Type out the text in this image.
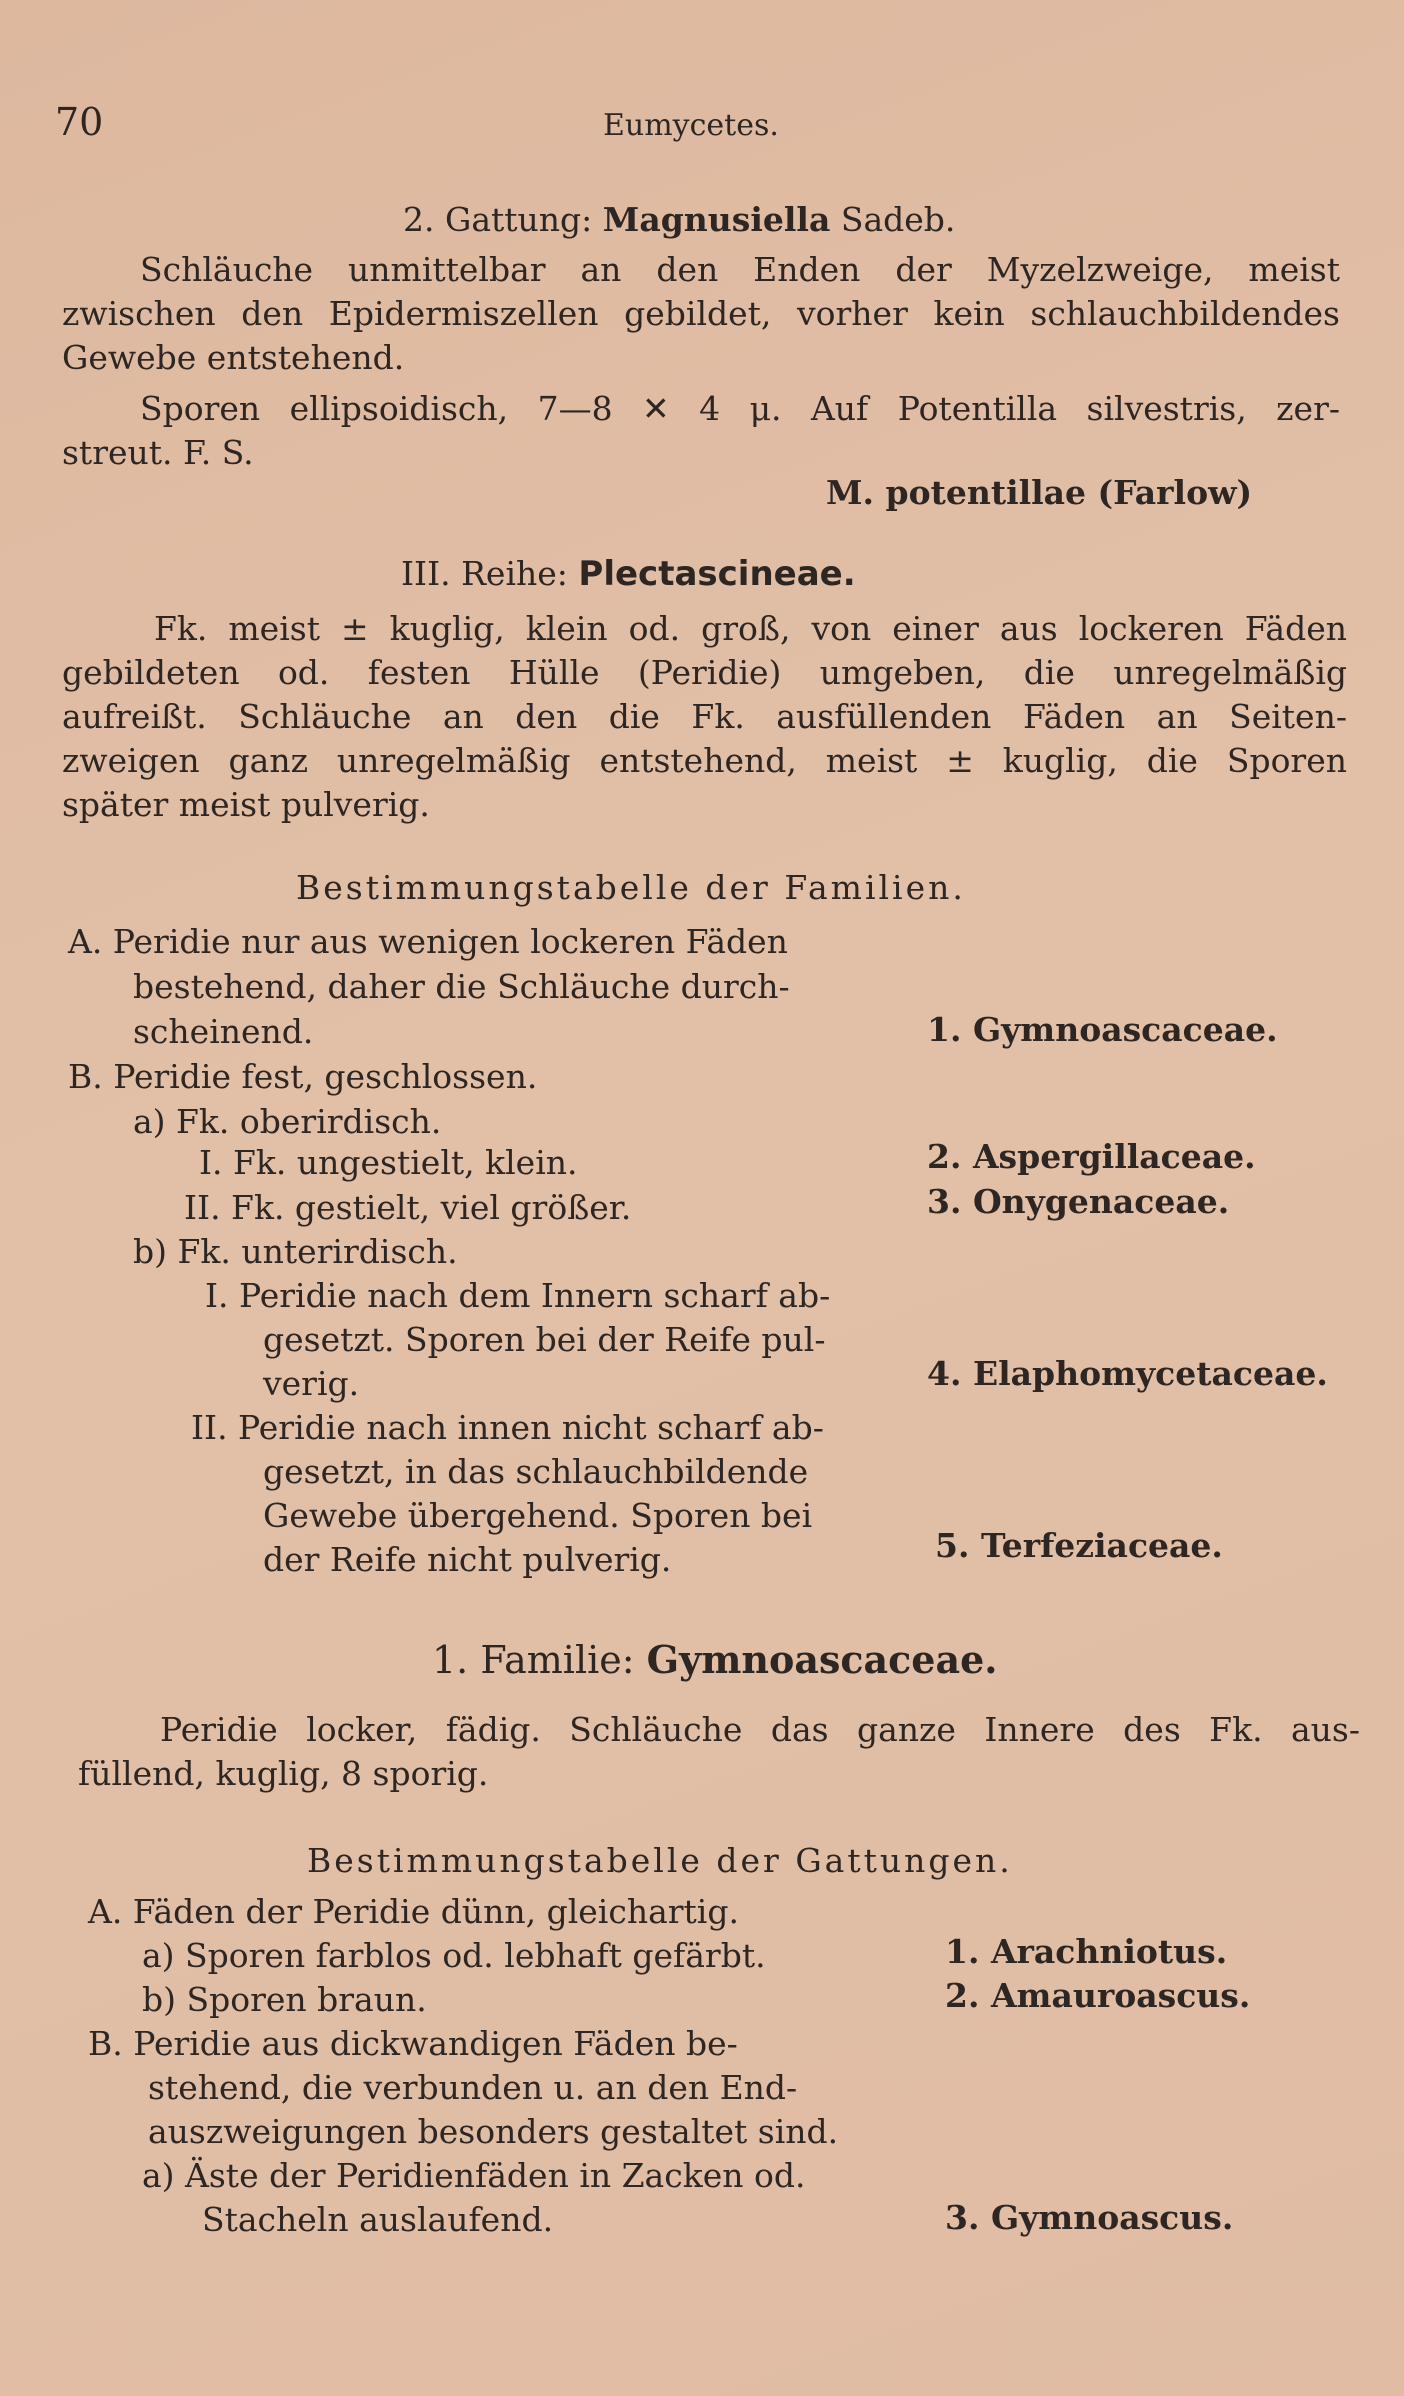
70	Eumycetes.
2. Gattung: Magnusiella Sadeb.
Schläuche unmittelbar an den Enden der Myzelzweige, meist
zwischen den Epidermiszellen gebildet, vorher kein schlauchbildendes
Gewebe entstehend.
Sporen ellipsoidisch, 7—8 ✕ 4 μ. Auf Potentilla silvestris, zer-
streut. F. S.
M. potentillae (Farlow)
III. Reihe: Plectascineae.
Fk. meist ± kuglig, klein od. groß, von einer aus lockeren Fäden
gebildeten od. festen Hülle (Peridie) umgeben, die unregelmäßig
aufreißt. Schläuche an den die Fk. ausfüllenden Fäden an Seiten-
zweigen ganz unregelmäßig entstehend, meist ± kuglig, die Sporen
später meist pulverig.
Bestimmungstabelle der Familien.
A. Peridie nur aus wenigen lockeren Fäden
bestehend, daher die Schläuche durch-
scheinend.
B. Peridie fest, geschlossen.
a) Fk. oberirdisch.
I. Fk. ungestielt, klein.
II. Fk. gestielt, viel größer.
b) Fk. unterirdisch.
I. Peridie nach dem Innern scharf ab-
gesetzt. Sporen bei der Reife pul-
verig.
II. Peridie nach innen nicht scharf ab-
gesetzt, in das schlauchbildende
Gewebe übergehend. Sporen bei
der Reife nicht pulverig.
1. Gymnoascaceae.
2. Aspergillaceae.
3. Onygenaceae.
4. Elaphomycetaceae.
5. Terfeziaceae.
1. Familie: Gymnoascaceae.
Peridie locker, fädig. Schläuche das ganze Innere des Fk. aus-
füllend, kuglig, 8 sporig.
Bestimmungstabelle der Gattungen.
A. Fäden der Peridie dünn, gleichartig.
a) Sporen farblos od. lebhaft gefärbt.
b) Sporen braun.
B. Peridie aus dickwandigen Fäden be-
stehend, die verbunden u. an den End-
auszweigungen besonders gestaltet sind.
a) Äste der Peridienfäden in Zacken od.
Stacheln auslaufend.
1. Arachniotus.
2. Amauroascus.
3. Gymnoascus.
